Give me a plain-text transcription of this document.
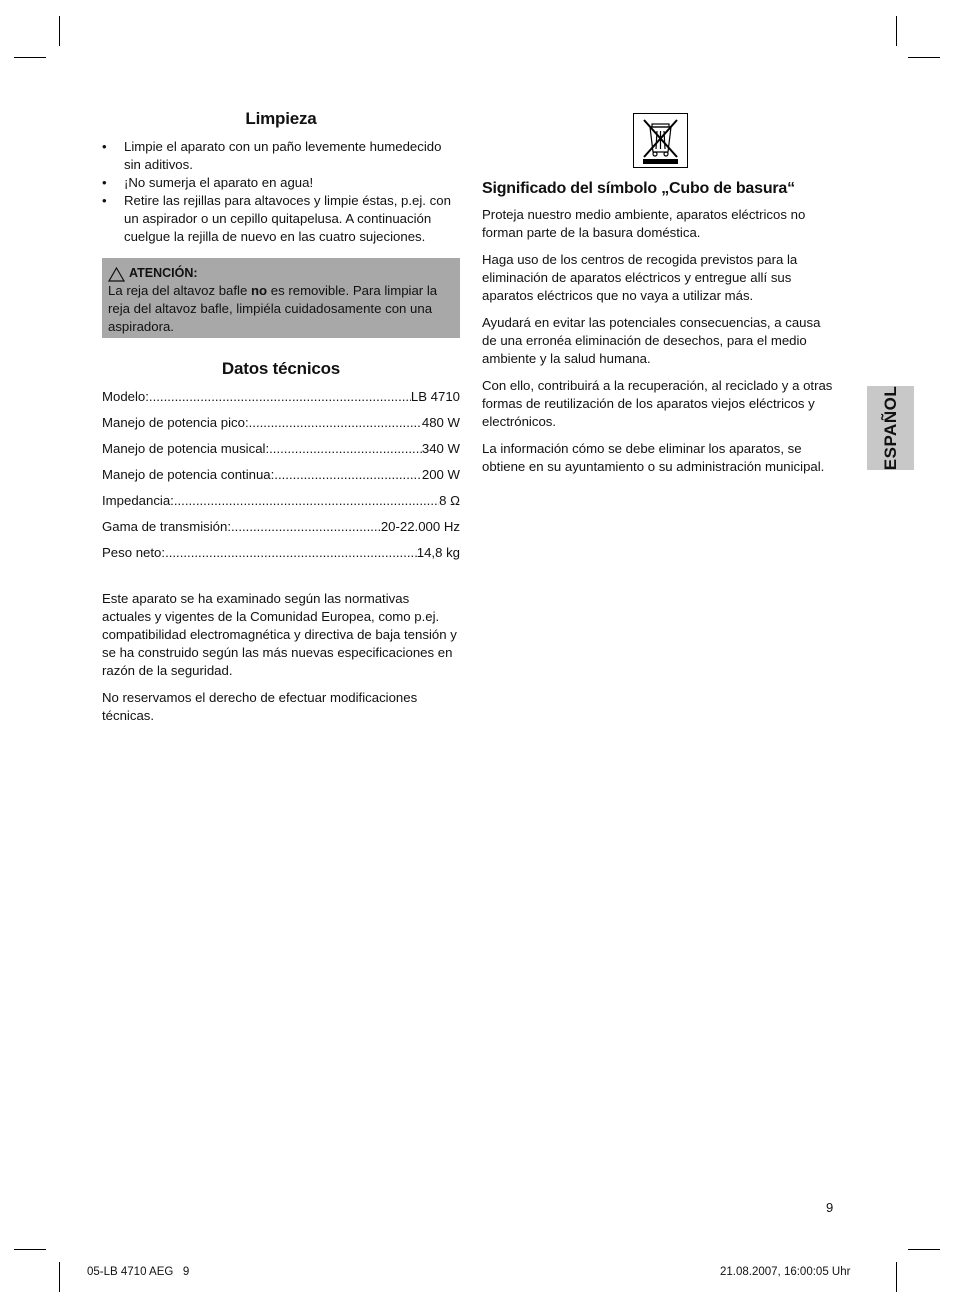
Limpieza
• Limpie el aparato con un paño levemente humedecido sin aditivos.
• ¡No sumerja el aparato en agua!
• Retire las rejillas para altavoces y limpie éstas, p.ej. con un aspirador o un cepillo quitapelusa. A continuación cuelgue la rejilla de nuevo en las cuatro sujeciones.
ATENCIÓN:

La reja del altavoz bafle no es removible. Para limpiar la reja del altavoz bafle, limpiéla cuidadosamente con una aspiradora.

Datos técnicos
Modelo: .....	LB 4710
Manejo de potencia pico: .....	480 W
Manejo de potencia musical: .....	340 W
Manejo de potencia continua: .....	200 W
Impedancia: .....	8 Ω
Gama de transmisión: .....	20-22.000 Hz
Peso neto: .....	14,8 kg

Este aparato se ha examinado según las normativas actuales y vigentes de la Comunidad Europea, como p.ej. compatibilidad electromagnética y directiva de baja tensión y se ha construido según las más nuevas especificaciones en razón de la seguridad.

No reservamos el derecho de efectuar modificaciones técnicas.

Significado del símbolo „Cubo de basura“

Proteja nuestro medio ambiente, aparatos eléctricos no forman parte de la basura doméstica.

Haga uso de los centros de recogida previstos para la eliminación de aparatos eléctricos y entregue allí sus aparatos eléctricos que no vaya a utilizar más.

Ayudará en evitar las potenciales consecuencias, a causa de una erronéa eliminación de desechos, para el medio ambiente y la salud humana.

Con ello, contribuirá a la recuperación, al reciclado y a otras formas de reutilización de los aparatos viejos eléctricos y electrónicos.

La información cómo se debe eliminar los aparatos, se obtiene en su ayuntamiento o su administración municipal.	ESPAÑOL
9
05-LB 4710 AEG   9	21.08.2007, 16:00:05 Uhr
